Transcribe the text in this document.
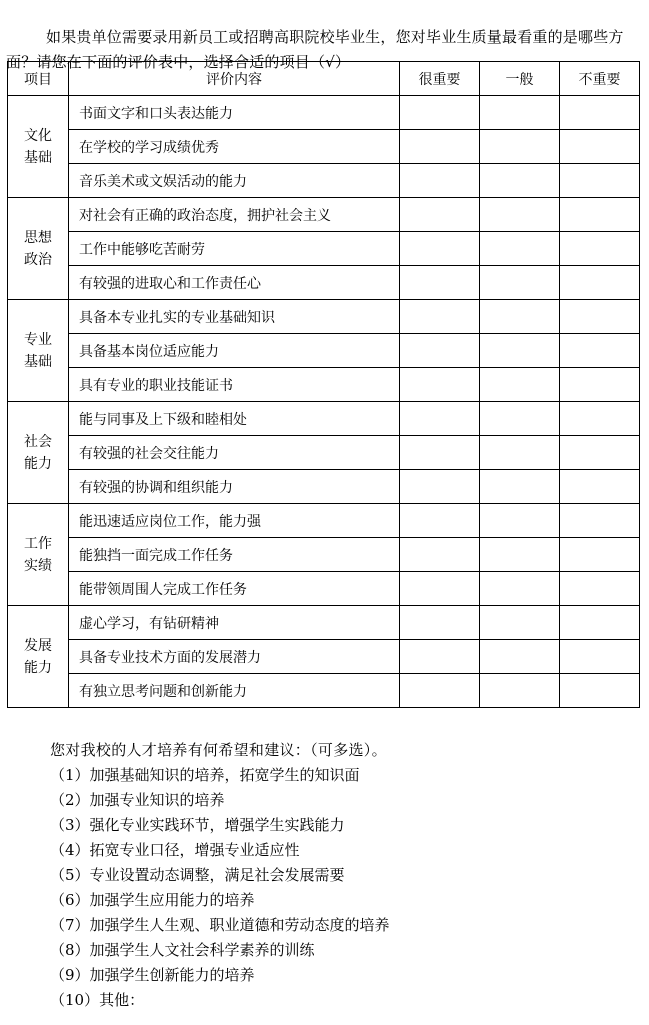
如果贵单位需要录用新员工或招聘高职院校毕业生，您对毕业生质量最看重的是哪些方面？请您在下面的评价表中，选择合适的项目（√）

项目	评价内容	很重要	一般	不重要

文化
基础	书面文字和口头表达能力			
	在学校的学习成绩优秀			
	音乐美术或文娱活动的能力			

思想
政治	对社会有正确的政治态度，拥护社会主义			
	工作中能够吃苦耐劳			
	有较强的进取心和工作责任心			

专业
基础	具备本专业扎实的专业基础知识			
	具备基本岗位适应能力			
	具有专业的职业技能证书			

社会
能力	能与同事及上下级和睦相处			
	有较强的社会交往能力			
	有较强的协调和组织能力			

工作
实绩	能迅速适应岗位工作，能力强			
	能独挡一面完成工作任务			
	能带领周围人完成工作任务			

发展
能力	虚心学习，有钻研精神			
	具备专业技术方面的发展潜力			
	有独立思考问题和创新能力			
您对我校的人才培养有何希望和建议：（可多选）。
（1）加强基础知识的培养，拓宽学生的知识面
（2）加强专业知识的培养
（3）强化专业实践环节，增强学生实践能力
（4）拓宽专业口径，增强专业适应性
（5）专业设置动态调整，满足社会发展需要
（6）加强学生应用能力的培养
（7）加强学生人生观、职业道德和劳动态度的培养
（8）加强学生人文社会科学素养的训练
（9）加强学生创新能力的培养
（10）其他：
